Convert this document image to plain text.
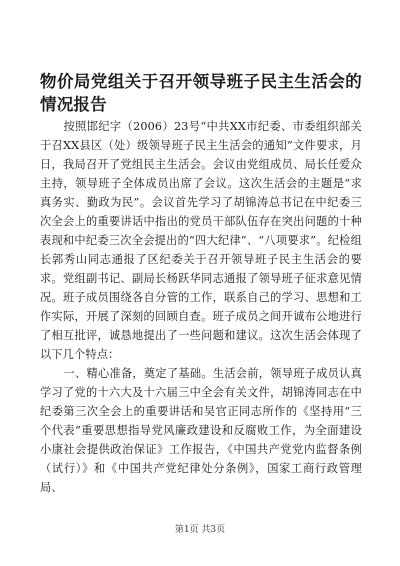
物价局党组关于召开领导班子民主生活会的情况报告

按照邯纪字（2006）23号“中共XX市纪委、市委组织部关于召XX县区（处）级领导班子民主生活会的通知”文件要求，月日，我局召开了党组民主生活会。会议由党组成员、局长任爱众主持，领导班子全体成员出席了会议。这次生活会的主题是“求真务实、勤政为民”。会议首先学习了胡锦涛总书记在中纪委三次全会上的重要讲话中指出的党员干部队伍存在突出问题的十种表现和中纪委三次全会提出的“四大纪律”、“八项要求”。纪检组长郭秀山同志通报了区纪委关于召开领导班子民主生活会的要求。党组副书记、副局长杨跃华同志通报了领导班子征求意见情况。班子成员围绕各自分管的工作，联系自己的学习、思想和工作实际，开展了深刻的回顾自查。班子成员之间开诚布公地进行了相互批评，诚恳地提出了一些问题和建议。这次生活会体现了以下几个特点：

一、精心准备，奠定了基础。生活会前，领导班子成员认真学习了党的十六大及十六届三中全会有关文件，胡锦涛同志在中纪委第三次全会上的重要讲话和吴官正同志所作的《坚持用“三个代表”重要思想指导党风廉政建设和反腐败工作，为全面建设小康社会提供政治保证》工作报告，《中国共产党党内监督条例（试行）》和《中国共产党纪律处分条例》，国家工商行政管理局、

第1页 共3页
